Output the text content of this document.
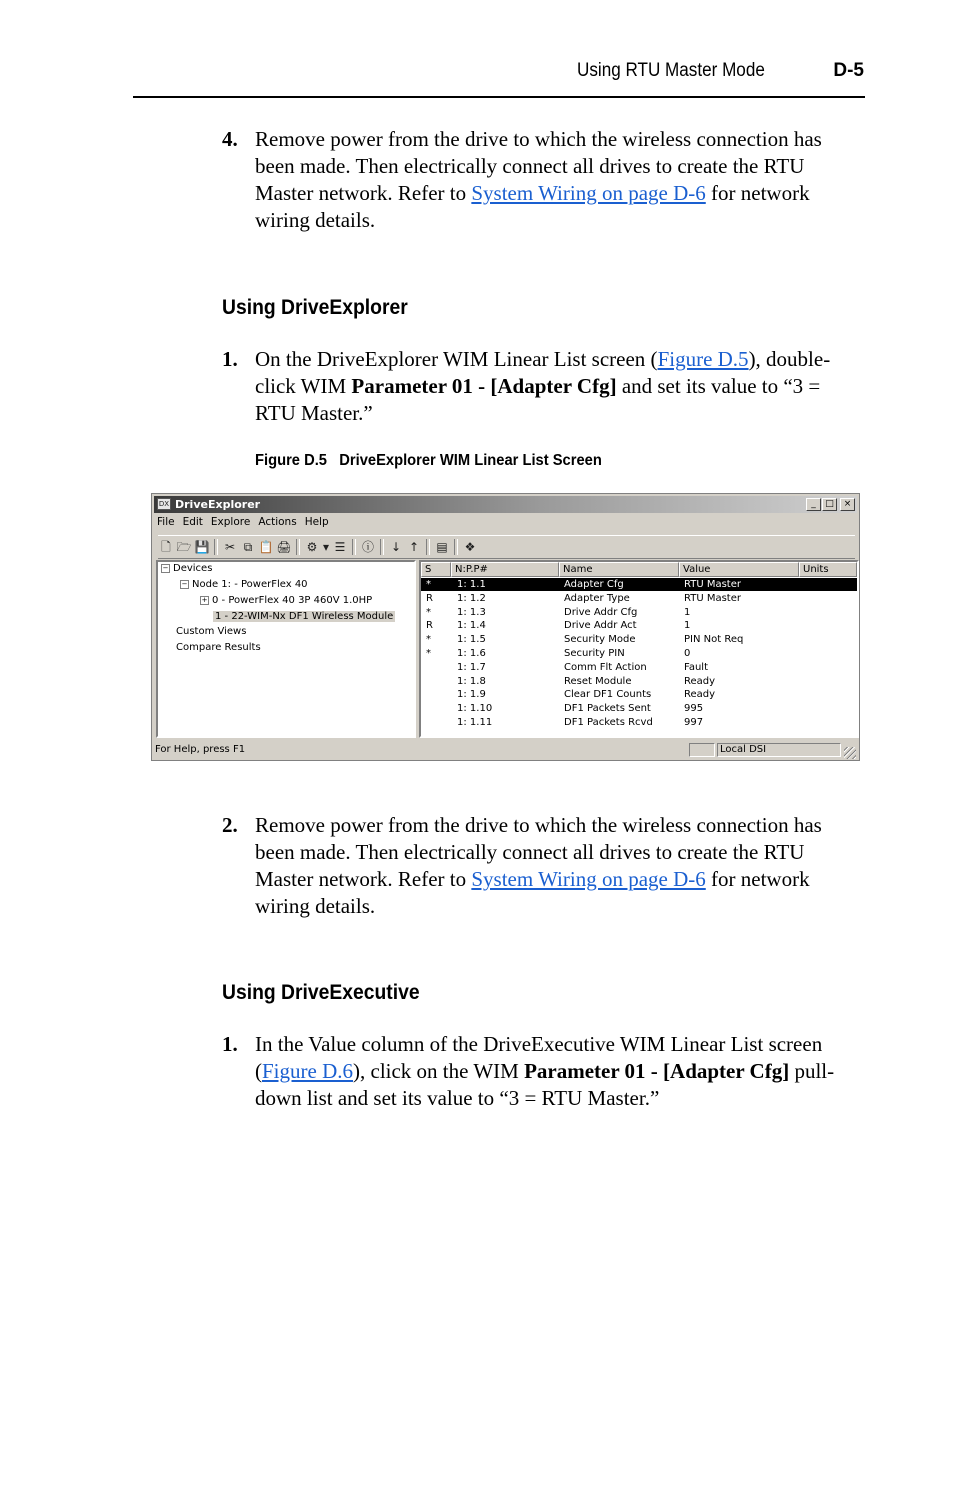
Using RTU Master Mode	D-5
4. Remove power from the drive to which the wireless connection has been made. Then electrically connect all drives to create the RTU Master network. Refer to System Wiring on page D-6 for network wiring details.
Using DriveExplorer
1. On the DriveExplorer WIM Linear List screen (Figure D.5), double-click WIM Parameter 01 - [Adapter Cfg] and set its value to “3 = RTU Master.”
Figure D.5   DriveExplorer WIM Linear List Screen
DX DriveExplorer	_ □ ×
File Edit Explore Actions Help
🗋 🗁 💾 ✂ ⧉ 📋 🖨 ⚙ ▾ ☰ ⓘ ↓ ↑ ▤ ❖
− Devices
− Node 1: - PowerFlex 40
+ 0 - PowerFlex 40 3P 460V 1.0HP
1 - 22-WIM-Nx DF1 Wireless Module
Custom Views
Compare Results
S	N:P.P#	Name	Value	Units
*	1: 1.1	Adapter Cfg	RTU Master
R 1: 1.2	Adapter Type	RTU Master
*	1: 1.3	Drive Addr Cfg	1
R 1: 1.4	Drive Addr Act	1
*	1: 1.5	Security Mode	PIN Not Req
*	1: 1.6	Security PIN	0
1: 1.7	Comm Flt Action	Fault
1: 1.8	Reset Module	Ready
1: 1.9	Clear DF1 Counts	Ready
1: 1.10	DF1 Packets Sent	995
1: 1.11	DF1 Packets Rcvd	997
For Help, press F1	Local DSI
2. Remove power from the drive to which the wireless connection has been made. Then electrically connect all drives to create the RTU Master network. Refer to System Wiring on page D-6 for network wiring details.
Using DriveExecutive
1. In the Value column of the DriveExecutive WIM Linear List screen (Figure D.6), click on the WIM Parameter 01 - [Adapter Cfg] pull-down list and set its value to “3 = RTU Master.”
